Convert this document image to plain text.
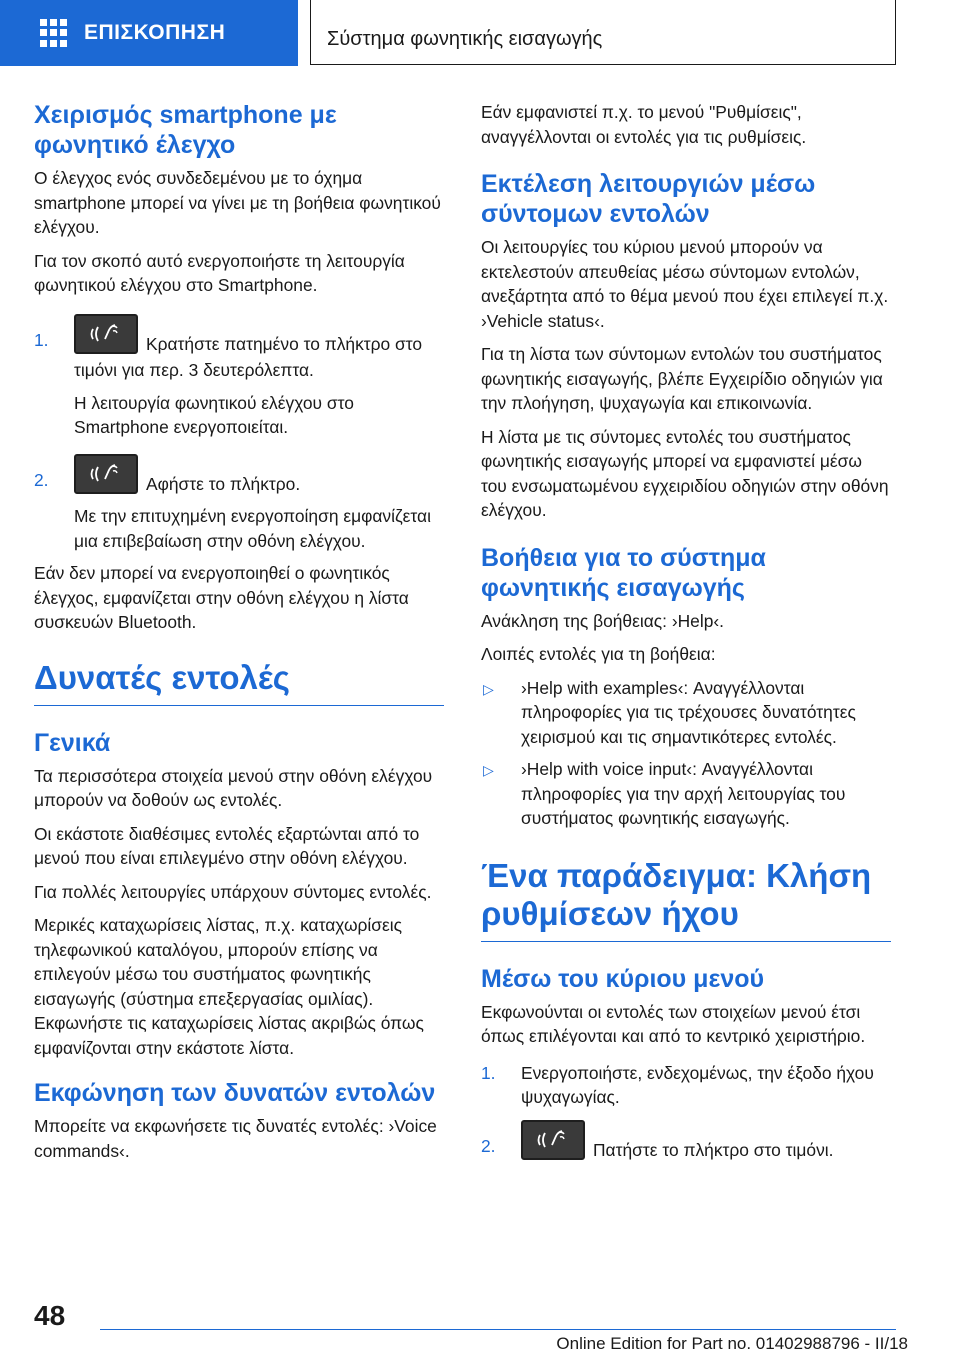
ΕΠΙΣΚΟΠΗΣΗ	Σύστημα φωνητικής εισαγωγής
Χειρισμός smartphone με φωνητικό έλεγχο

Ο έλεγχος ενός συνδεδεμένου με το όχημα smartphone μπορεί να γίνει με τη βοήθεια φωνητικού ελέγχου.

Για τον σκοπό αυτό ενεργοποιήστε τη λειτουργία φωνητικού ελέγχου στο Smartphone.

1.	Κρατήστε πατημένο το πλήκτρο στο
τιμόνι για περ. 3 δευτερόλεπτα.
Η λειτουργία φωνητικού ελέγχου στο Smartphone ενεργοποιείται.
2.	Αφήστε το πλήκτρο.
Με την επιτυχημένη ενεργοποίηση εμφανίζεται μια επιβεβαίωση στην οθόνη ελέγχου.

Εάν δεν μπορεί να ενεργοποιηθεί ο φωνητικός έλεγχος, εμφανίζεται στην οθόνη ελέγχου η λίστα συσκευών Bluetooth.

Δυνατές εντολές
Γενικά

Τα περισσότερα στοιχεία μενού στην οθόνη ελέγχου μπορούν να δοθούν ως εντολές.

Οι εκάστοτε διαθέσιμες εντολές εξαρτώνται από το μενού που είναι επιλεγμένο στην οθόνη ελέγχου.

Για πολλές λειτουργίες υπάρχουν σύντομες εντολές.

Μερικές καταχωρίσεις λίστας, π.χ. καταχωρίσεις τηλεφωνικού καταλόγου, μπορούν επίσης να επιλεγούν μέσω του συστήματος φωνητικής εισαγωγής (σύστημα επεξεργασίας ομιλίας). Εκφωνήστε τις καταχωρίσεις λίστας ακριβώς όπως εμφανίζονται στην εκάστοτε λίστα.

Εκφώνηση των δυνατών εντολών

Μπορείτε να εκφωνήσετε τις δυνατές εντολές: ›Voice commands‹.

Εάν εμφανιστεί π.χ. το μενού "Ρυθμίσεις", αναγγέλλονται οι εντολές για τις ρυθμίσεις.

Εκτέλεση λειτουργιών μέσω σύντομων εντολών

Οι λειτουργίες του κύριου μενού μπορούν να εκτελεστούν απευθείας μέσω σύντομων εντολών, ανεξάρτητα από το θέμα μενού που έχει επιλεγεί π.χ. ›Vehicle status‹.

Για τη λίστα των σύντομων εντολών του συστήματος φωνητικής εισαγωγής, βλέπε Εγχειρίδιο οδηγιών για την πλοήγηση, ψυχαγωγία και επικοινωνία.

Η λίστα με τις σύντομες εντολές του συστήματος φωνητικής εισαγωγής μπορεί να εμφανιστεί μέσω του ενσωματωμένου εγχειριδίου οδηγιών στην οθόνη ελέγχου.

Βοήθεια για το σύστημα φωνητικής εισαγωγής

Ανάκληση της βοήθειας: ›Help‹.

Λοιπές εντολές για τη βοήθεια:

▷ ›Help with examples‹: Αναγγέλλονται πληροφορίες για τις τρέχουσες δυνατότητες χειρισμού και τις σημαντικότερες εντολές.
▷ ›Help with voice input‹: Αναγγέλλονται πληροφορίες για την αρχή λειτουργίας του συστήματος φωνητικής εισαγωγής.
Ένα παράδειγμα: Κλήση ρυθμίσεων ήχου
Μέσω του κύριου μενού

Εκφωνούνται οι εντολές των στοιχείων μενού έτσι όπως επιλέγονται και από το κεντρικό χειριστήριο.

1. Ενεργοποιήστε, ενδεχομένως, την έξοδο ήχου ψυχαγωγίας.
2.	Πατήστε το πλήκτρο στο τιμόνι.
48
Online Edition for Part no. 01402988796 - II/18
